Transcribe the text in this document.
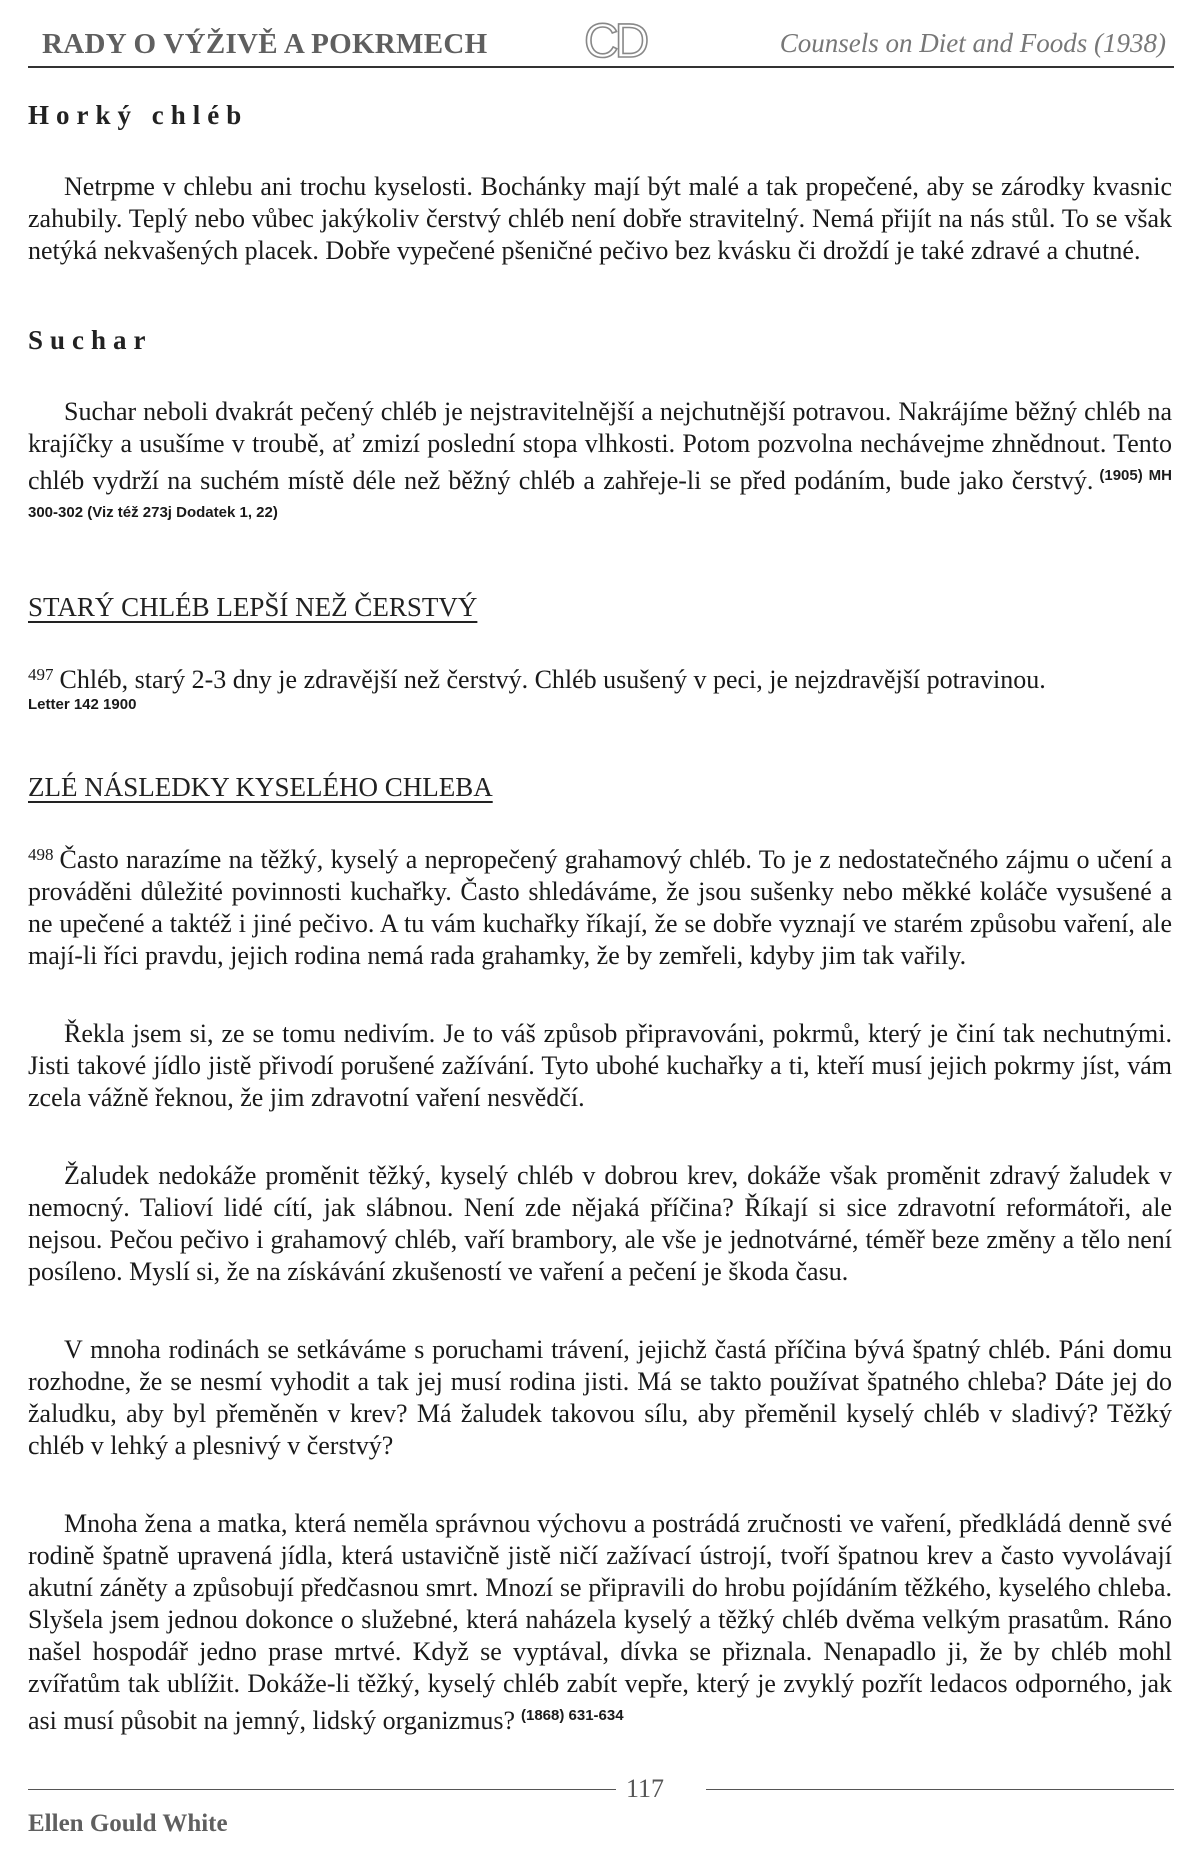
RADY O VÝŽIVĚ A POKRMECH CD	Counsels on Diet and Foods (1938)
Horký chléb

Netrpme v chlebu ani trochu kyselosti. Bochánky mají být malé a tak propečené, aby se zárodky kvasnic zahubily. Teplý nebo vůbec jakýkoliv čerstvý chléb není dobře stravitelný. Nemá přijít na nás stůl. To se však netýká nekvašených placek. Dobře vypečené pšeničné pečivo bez kvásku či droždí je také zdravé a chutné.

Suchar

Suchar neboli dvakrát pečený chléb je nejstravitelnější a nejchutnější potravou. Nakrájíme běžný chléb na krajíčky a usušíme v troubě, ať zmizí poslední stopa vlhkosti. Potom pozvolna nechávejme zhnědnout. Tento chléb vydrží na suchém místě déle než běžný chléb a zahřeje-li se před podáním, bude jako čerstvý. $^{(1905) MH 300-302 (Viz též 273j Dodatek 1, 22)}$

STARÝ CHLÉB LEPŠÍ NEŽ ČERSTVÝ

$^{497}$ Chléb, starý 2-3 dny je zdravější než čerstvý. Chléb usušený v peci, je nejzdravější potravinou.
Letter 142 1900

ZLÉ NÁSLEDKY KYSELÉHO CHLEBA

$^{498}$ Často narazíme na těžký, kyselý a nepropečený grahamový chléb. To je z nedostatečného zájmu o učení a prováděni důležité povinnosti kuchařky. Často shledáváme, že jsou sušenky nebo měkké koláče vysušené a ne upečené a taktéž i jiné pečivo. A tu vám kuchařky říkají, že se dobře vyznají ve starém způsobu vaření, ale mají-li říci pravdu, jejich rodina nemá rada grahamky, že by zemřeli, kdyby jim tak vařily.

Řekla jsem si, ze se tomu nedivím. Je to váš způsob připravováni, pokrmů, který je činí tak nechutnými. Jisti takové jídlo jistě přivodí porušené zažívání. Tyto ubohé kuchařky a ti, kteří musí jejich pokrmy jíst, vám zcela vážně řeknou, že jim zdravotní vaření nesvědčí.

Žaludek nedokáže proměnit těžký, kyselý chléb v dobrou krev, dokáže však proměnit zdravý žaludek v nemocný. Talioví lidé cítí, jak slábnou. Není zde nějaká příčina? Říkají si sice zdravotní reformátoři, ale nejsou. Pečou pečivo i grahamový chléb, vaří brambory, ale vše je jednotvárné, téměř beze změny a tělo není posíleno. Myslí si, že na získávání zkušeností ve vaření a pečení je škoda času.

V mnoha rodinách se setkáváme s poruchami trávení, jejichž častá příčina bývá špatný chléb. Páni domu rozhodne, že se nesmí vyhodit a tak jej musí rodina jisti. Má se takto používat špatného chleba? Dáte jej do žaludku, aby byl přeměněn v krev? Má žaludek takovou sílu, aby přeměnil kyselý chléb v sladivý? Těžký chléb v lehký a plesnivý v čerstvý?

Mnoha žena a matka, která neměla správnou výchovu a postrádá zručnosti ve vaření, předkládá denně své rodině špatně upravená jídla, která ustavičně jistě ničí zažívací ústrojí, tvoří špatnou krev a často vyvolávají akutní záněty a způsobují předčasnou smrt. Mnozí se připravili do hrobu pojídáním těžkého, kyselého chleba. Slyšela jsem jednou dokonce o služebné, která naházela kyselý a těžký chléb dvěma velkým prasatům. Ráno našel hospodář jedno prase mrtvé. Když se vyptával, dívka se přiznala. Nenapadlo ji, že by chléb mohl zvířatům tak ublížit. Dokáže-li těžký, kyselý chléb zabít vepře, který je zvyklý pozřít ledacos odporného, jak asi musí působit na jemný, lidský organizmus? $^{(1868) 631-634}$

117
Ellen Gould White
